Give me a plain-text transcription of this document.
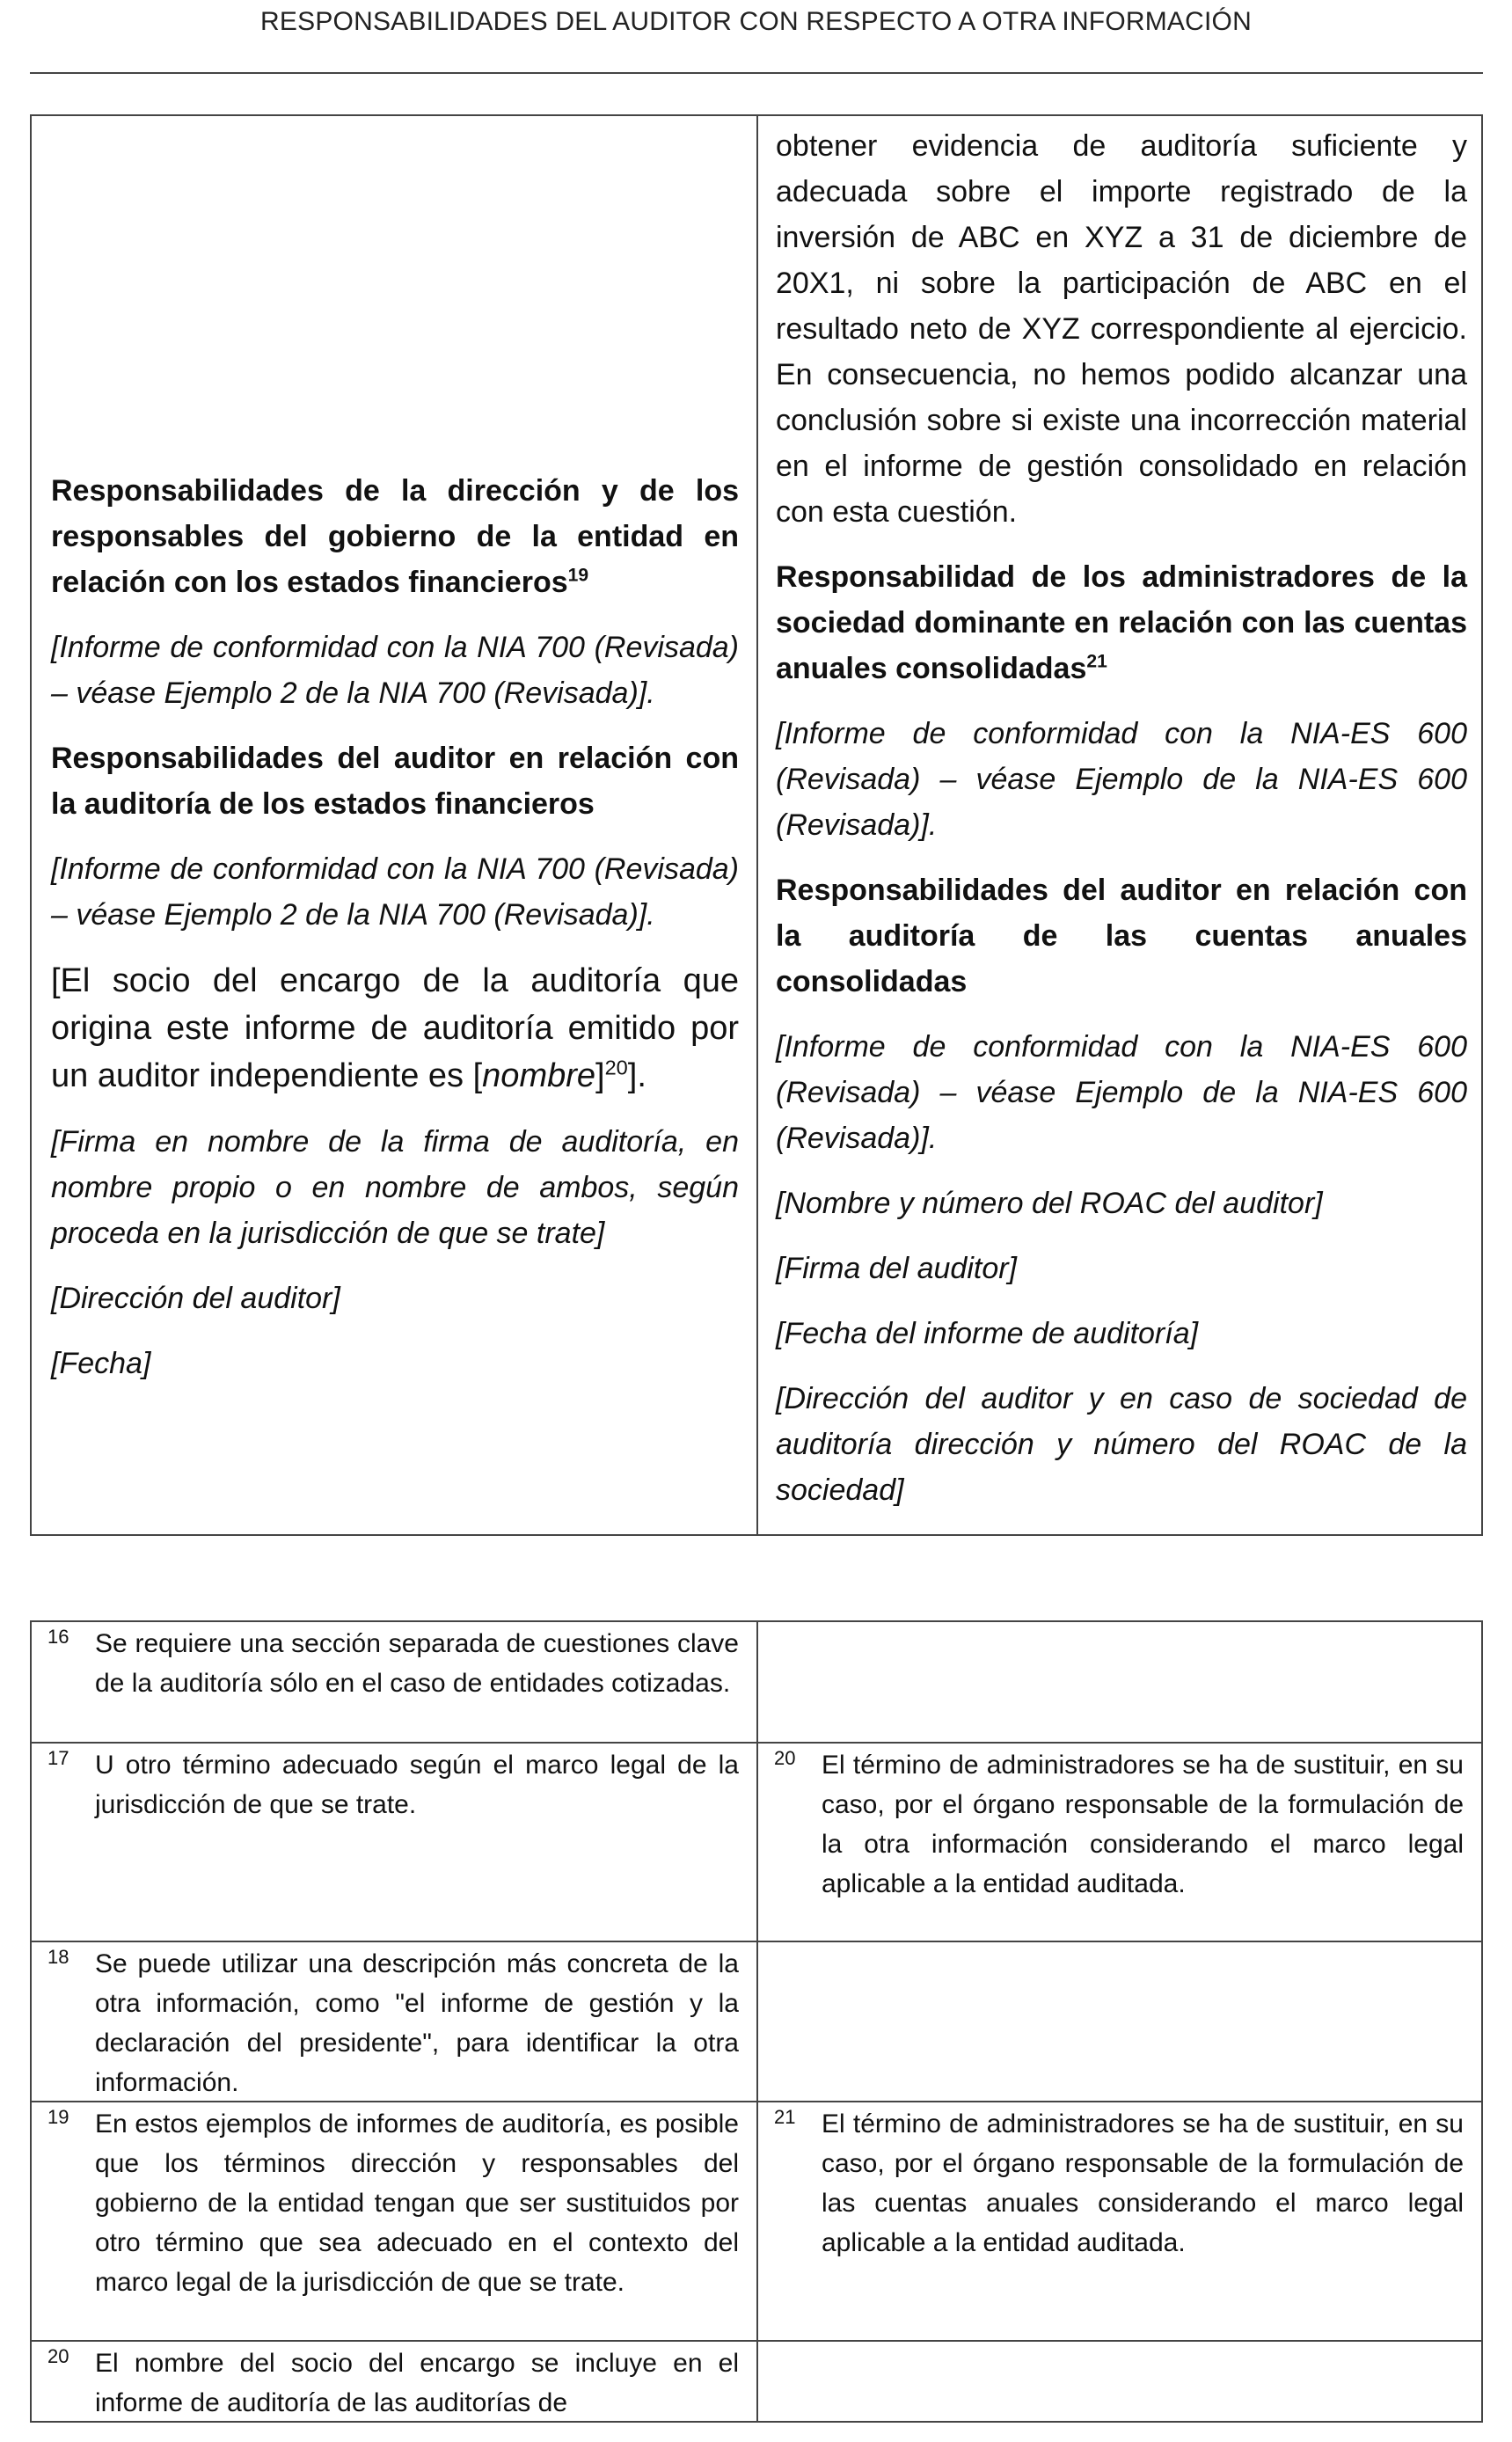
RESPONSABILIDADES DEL AUDITOR CON RESPECTO A OTRA INFORMACIÓN

Responsabilidades de la dirección y de los responsables del gobierno de la entidad en relación con los estados financieros$^{19}$

[Informe de conformidad con la NIA 700 (Revisada) – véase Ejemplo 2 de la NIA 700 (Revisada)].

Responsabilidades del auditor en relación con la auditoría de los estados financieros

[Informe de conformidad con la NIA 700 (Revisada) – véase Ejemplo 2 de la NIA 700 (Revisada)].

[El socio del encargo de la auditoría que origina este informe de auditoría emitido por un auditor independiente es [nombre]$^{20}$].

[Firma en nombre de la firma de auditoría, en nombre propio o en nombre de ambos, según proceda en la jurisdicción de que se trate]

[Dirección del auditor]

[Fecha]

obtener evidencia de auditoría suficiente y adecuada sobre el importe registrado de la inversión de ABC en XYZ a 31 de diciembre de 20X1, ni sobre la participación de ABC en el resultado neto de XYZ correspondiente al ejercicio. En consecuencia, no hemos podido alcanzar una conclusión sobre si existe una incorrección material en el informe de gestión consolidado en relación con esta cuestión.

Responsabilidad de los administradores de la sociedad dominante en relación con las cuentas anuales consolidadas$^{21}$

[Informe de conformidad con la NIA-ES 600 (Revisada) – véase Ejemplo de la NIA-ES 600 (Revisada)].

Responsabilidades del auditor en relación con la auditoría de las cuentas anuales consolidadas

[Informe de conformidad con la NIA-ES 600 (Revisada) – véase Ejemplo de la NIA-ES 600 (Revisada)].

[Nombre y número del ROAC del auditor]

[Firma del auditor]

[Fecha del informe de auditoría]

[Dirección del auditor y en caso de sociedad de auditoría dirección y número del ROAC de la sociedad]

16 Se requiere una sección separada de cuestiones clave de la auditoría sólo en el caso de entidades cotizadas.
17 U otro término adecuado según el marco legal de la jurisdicción de que se trate.
18 Se puede utilizar una descripción más concreta de la otra información, como "el informe de gestión y la declaración del presidente", para identificar la otra información.
19 En estos ejemplos de informes de auditoría, es posible que los términos dirección y responsables del gobierno de la entidad tengan que ser sustituidos por otro término que sea adecuado en el contexto del marco legal de la jurisdicción de que se trate.
20 El nombre del socio del encargo se incluye en el informe de auditoría de las auditorías de
20 El término de administradores se ha de sustituir, en su caso, por el órgano responsable de la formulación de la otra información considerando el marco legal aplicable a la entidad auditada.
21 El término de administradores se ha de sustituir, en su caso, por el órgano responsable de la formulación de las cuentas anuales considerando el marco legal aplicable a la entidad auditada.
